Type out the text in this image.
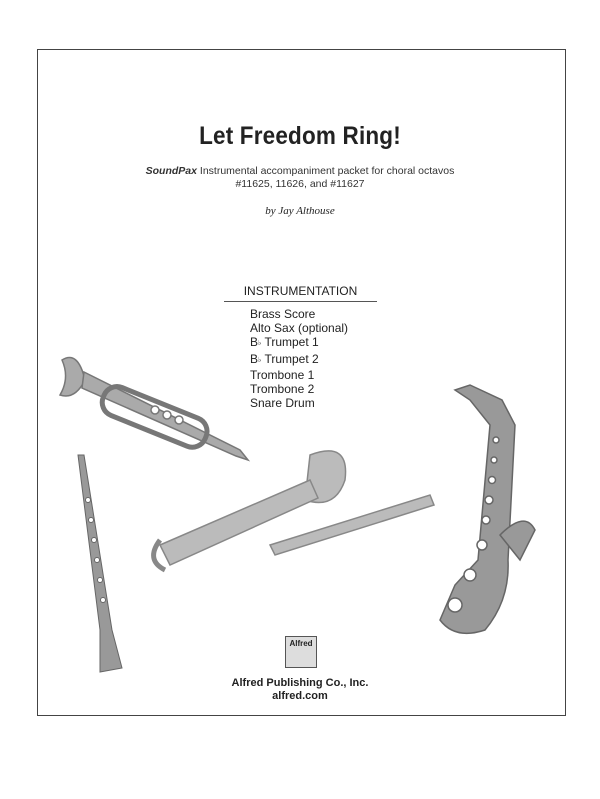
Let Freedom Ring!
SoundPax Instrumental accompaniment packet for choral octavos #11625, 11626, and #11627
by Jay Althouse
INSTRUMENTATION
Brass Score
Alto Sax (optional)
B♭ Trumpet 1
B♭ Trumpet 2
Trombone 1
Trombone 2
Snare Drum
Alfred
Alfred Publishing Co., Inc.
alfred.com
